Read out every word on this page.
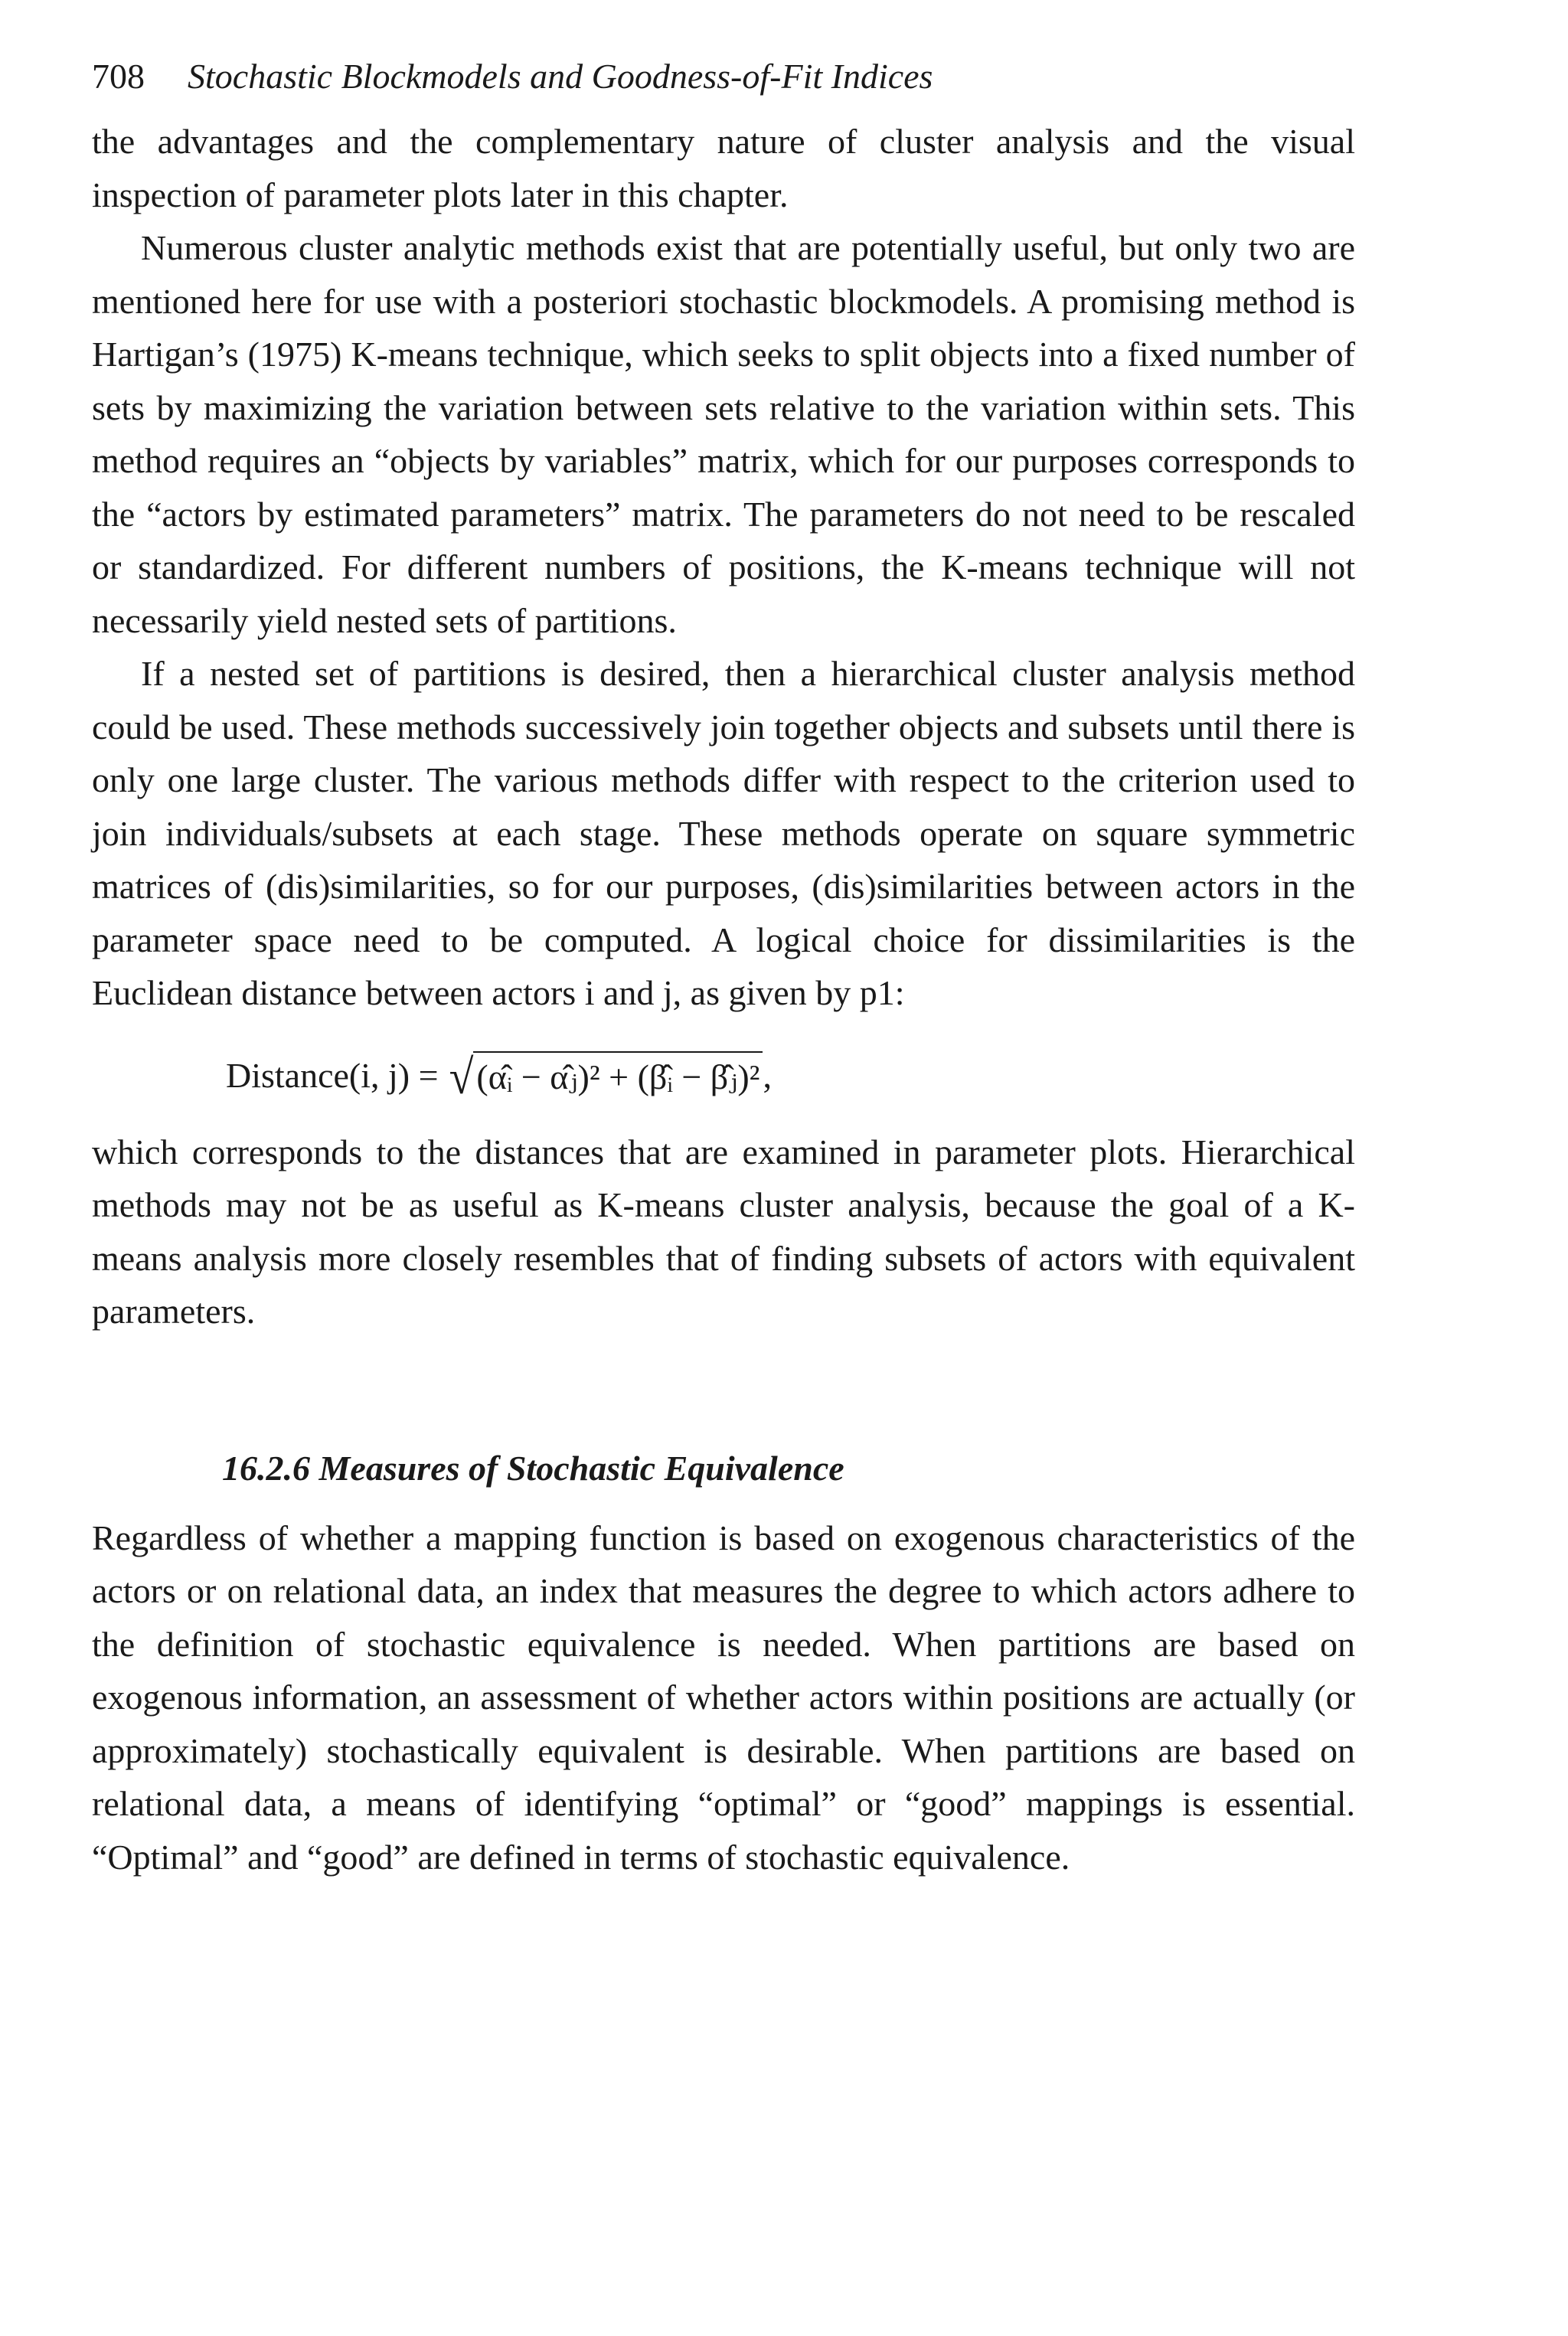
708 Stochastic Blockmodels and Goodness-of-Fit Indices

the advantages and the complementary nature of cluster analysis and the visual inspection of parameter plots later in this chapter.

Numerous cluster analytic methods exist that are potentially useful, but only two are mentioned here for use with a posteriori stochastic blockmodels. A promising method is Hartigan’s (1975) K-means technique, which seeks to split objects into a fixed number of sets by maximizing the variation between sets relative to the variation within sets. This method requires an “objects by variables” matrix, which for our purposes corresponds to the “actors by estimated parameters” matrix. The parameters do not need to be rescaled or standardized. For different numbers of positions, the K-means technique will not necessarily yield nested sets of partitions.

If a nested set of partitions is desired, then a hierarchical cluster analysis method could be used. These methods successively join together objects and subsets until there is only one large cluster. The various methods differ with respect to the criterion used to join individuals/subsets at each stage. These methods operate on square symmetric matrices of (dis)similarities, so for our purposes, (dis)similarities between actors in the parameter space need to be computed. A logical choice for dissimilarities is the Euclidean distance between actors i and j, as given by p1:

Distance(i, j) = √ (α̂ᵢ − α̂ⱼ)² + (β̂ᵢ − β̂ⱼ)² ,

which corresponds to the distances that are examined in parameter plots. Hierarchical methods may not be as useful as K-means cluster analysis, because the goal of a K-means analysis more closely resembles that of finding subsets of actors with equivalent parameters.

16.2.6 Measures of Stochastic Equivalence

Regardless of whether a mapping function is based on exogenous characteristics of the actors or on relational data, an index that measures the degree to which actors adhere to the definition of stochastic equivalence is needed. When partitions are based on exogenous information, an assessment of whether actors within positions are actually (or approximately) stochastically equivalent is desirable. When partitions are based on relational data, a means of identifying “optimal” or “good” mappings is essential. “Optimal” and “good” are defined in terms of stochastic equivalence.
